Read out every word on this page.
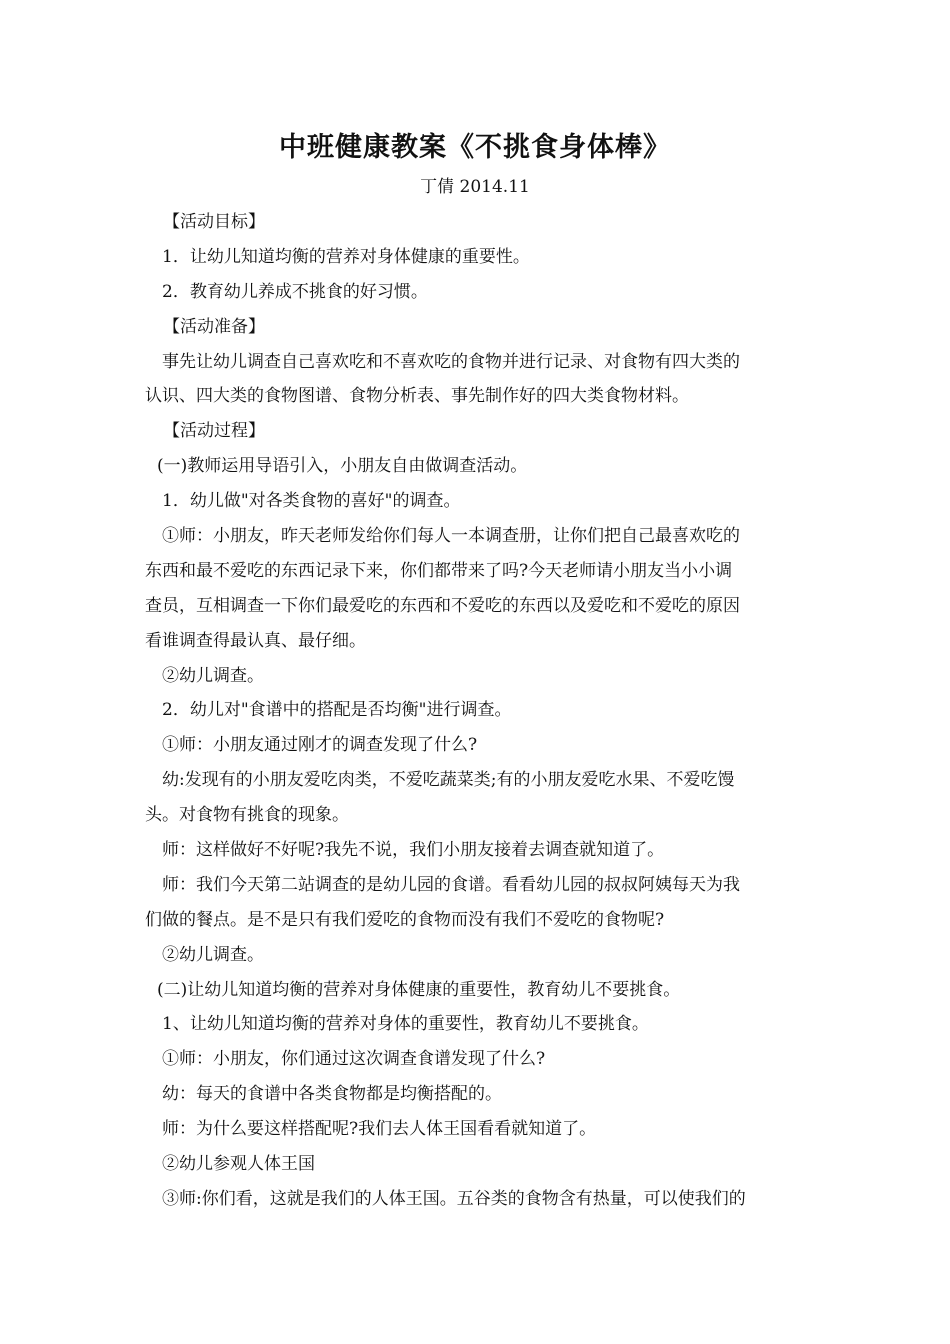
中班健康教案《不挑食身体棒》
丁倩 2014.11
【活动目标】
1．让幼儿知道均衡的营养对身体健康的重要性。
2．教育幼儿养成不挑食的好习惯。
【活动准备】
事先让幼儿调查自己喜欢吃和不喜欢吃的食物并进行记录、对食物有四大类的
认识、四大类的食物图谱、食物分析表、事先制作好的四大类食物材料。
【活动过程】
(一)教师运用导语引入，小朋友自由做调查活动。
1．幼儿做"对各类食物的喜好"的调查。
①师：小朋友，昨天老师发给你们每人一本调查册，让你们把自己最喜欢吃的
东西和最不爱吃的东西记录下来，你们都带来了吗?今天老师请小朋友当小小调
查员，互相调查一下你们最爱吃的东西和不爱吃的东西以及爱吃和不爱吃的原因
看谁调查得最认真、最仔细。
②幼儿调查。
2．幼儿对"食谱中的搭配是否均衡"进行调查。
①师：小朋友通过刚才的调查发现了什么?
幼:发现有的小朋友爱吃肉类，不爱吃蔬菜类;有的小朋友爱吃水果、不爱吃馒
头。对食物有挑食的现象。
师：这样做好不好呢?我先不说，我们小朋友接着去调查就知道了。
师：我们今天第二站调查的是幼儿园的食谱。看看幼儿园的叔叔阿姨每天为我
们做的餐点。是不是只有我们爱吃的食物而没有我们不爱吃的食物呢?
②幼儿调查。
(二)让幼儿知道均衡的营养对身体健康的重要性，教育幼儿不要挑食。
1、让幼儿知道均衡的营养对身体的重要性，教育幼儿不要挑食。
①师：小朋友，你们通过这次调查食谱发现了什么?
幼：每天的食谱中各类食物都是均衡搭配的。
师：为什么要这样搭配呢?我们去人体王国看看就知道了。
②幼儿参观人体王国
③师:你们看，这就是我们的人体王国。五谷类的食物含有热量，可以使我们的
